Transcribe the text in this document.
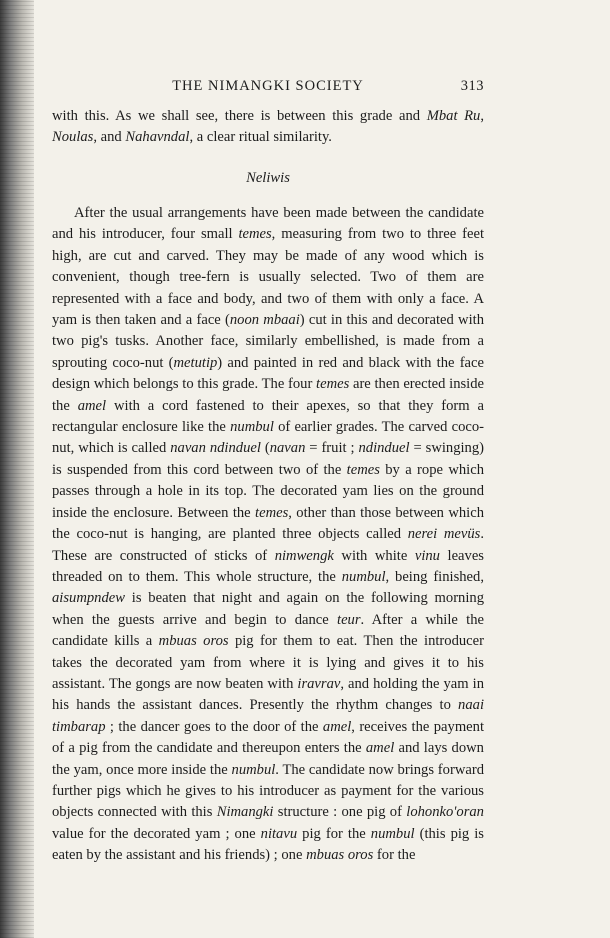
THE NIMANGKI SOCIETY	313

with this. As we shall see, there is between this grade and Mbat Ru, Noulas, and Nahavndal, a clear ritual similarity.

Neliwis

After the usual arrangements have been made between the candidate and his introducer, four small temes, measuring from two to three feet high, are cut and carved. They may be made of any wood which is convenient, though tree-fern is usually selected. Two of them are represented with a face and body, and two of them with only a face. A yam is then taken and a face (noon mbaai) cut in this and decorated with two pig's tusks. Another face, similarly embellished, is made from a sprouting coco-nut (metutip) and painted in red and black with the face design which belongs to this grade. The four temes are then erected inside the amel with a cord fastened to their apexes, so that they form a rectangular enclosure like the numbul of earlier grades. The carved coco-nut, which is called navan ndinduel (navan = fruit ; ndinduel = swinging) is suspended from this cord between two of the temes by a rope which passes through a hole in its top. The decorated yam lies on the ground inside the enclosure. Between the temes, other than those between which the coco-nut is hanging, are planted three objects called nerei mevüs. These are constructed of sticks of nimwengk with white vinu leaves threaded on to them. This whole structure, the numbul, being finished, aisumpndew is beaten that night and again on the following morning when the guests arrive and begin to dance teur. After a while the candidate kills a mbuas oros pig for them to eat. Then the introducer takes the decorated yam from where it is lying and gives it to his assistant. The gongs are now beaten with iravrav, and holding the yam in his hands the assistant dances. Presently the rhythm changes to naai timbarap ; the dancer goes to the door of the amel, receives the payment of a pig from the candidate and thereupon enters the amel and lays down the yam, once more inside the numbul. The candidate now brings forward further pigs which he gives to his introducer as payment for the various objects connected with this Nimangki structure : one pig of lohonko'oran value for the decorated yam ; one nitavu pig for the numbul (this pig is eaten by the assistant and his friends) ; one mbuas oros for the
